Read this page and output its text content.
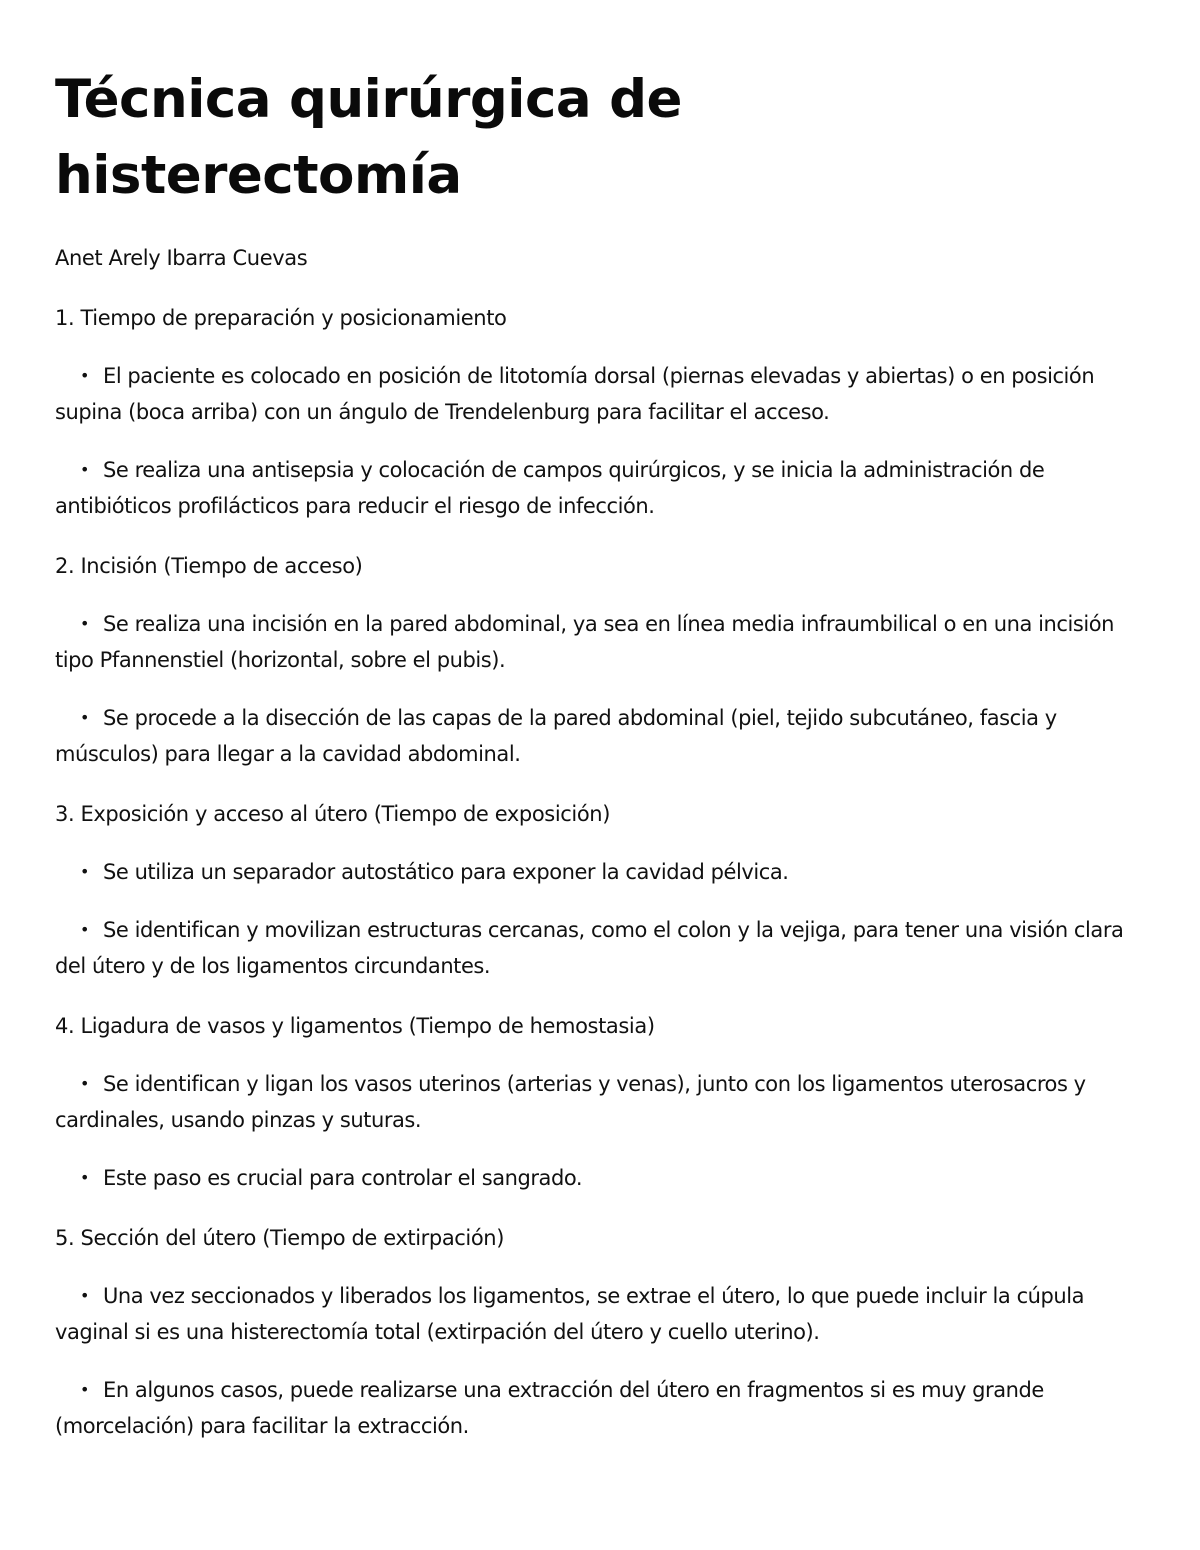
Técnica quirúrgica de
histerectomía

Anet Arely Ibarra Cuevas

1. Tiempo de preparación y posicionamiento

• El paciente es colocado en posición de litotomía dorsal (piernas elevadas y abiertas) o en posición supina (boca arriba) con un ángulo de Trendelenburg para facilitar el acceso.

• Se realiza una antisepsia y colocación de campos quirúrgicos, y se inicia la administración de antibióticos profilácticos para reducir el riesgo de infección.

2. Incisión (Tiempo de acceso)

• Se realiza una incisión en la pared abdominal, ya sea en línea media infraumbilical o en una incisión tipo Pfannenstiel (horizontal, sobre el pubis).

• Se procede a la disección de las capas de la pared abdominal (piel, tejido subcutáneo, fascia y músculos) para llegar a la cavidad abdominal.

3. Exposición y acceso al útero (Tiempo de exposición)

• Se utiliza un separador autostático para exponer la cavidad pélvica.

• Se identifican y movilizan estructuras cercanas, como el colon y la vejiga, para tener una visión clara del útero y de los ligamentos circundantes.

4. Ligadura de vasos y ligamentos (Tiempo de hemostasia)

• Se identifican y ligan los vasos uterinos (arterias y venas), junto con los ligamentos uterosacros y cardinales, usando pinzas y suturas.

• Este paso es crucial para controlar el sangrado.

5. Sección del útero (Tiempo de extirpación)

• Una vez seccionados y liberados los ligamentos, se extrae el útero, lo que puede incluir la cúpula vaginal si es una histerectomía total (extirpación del útero y cuello uterino).

• En algunos casos, puede realizarse una extracción del útero en fragmentos si es muy grande (morcelación) para facilitar la extracción.
